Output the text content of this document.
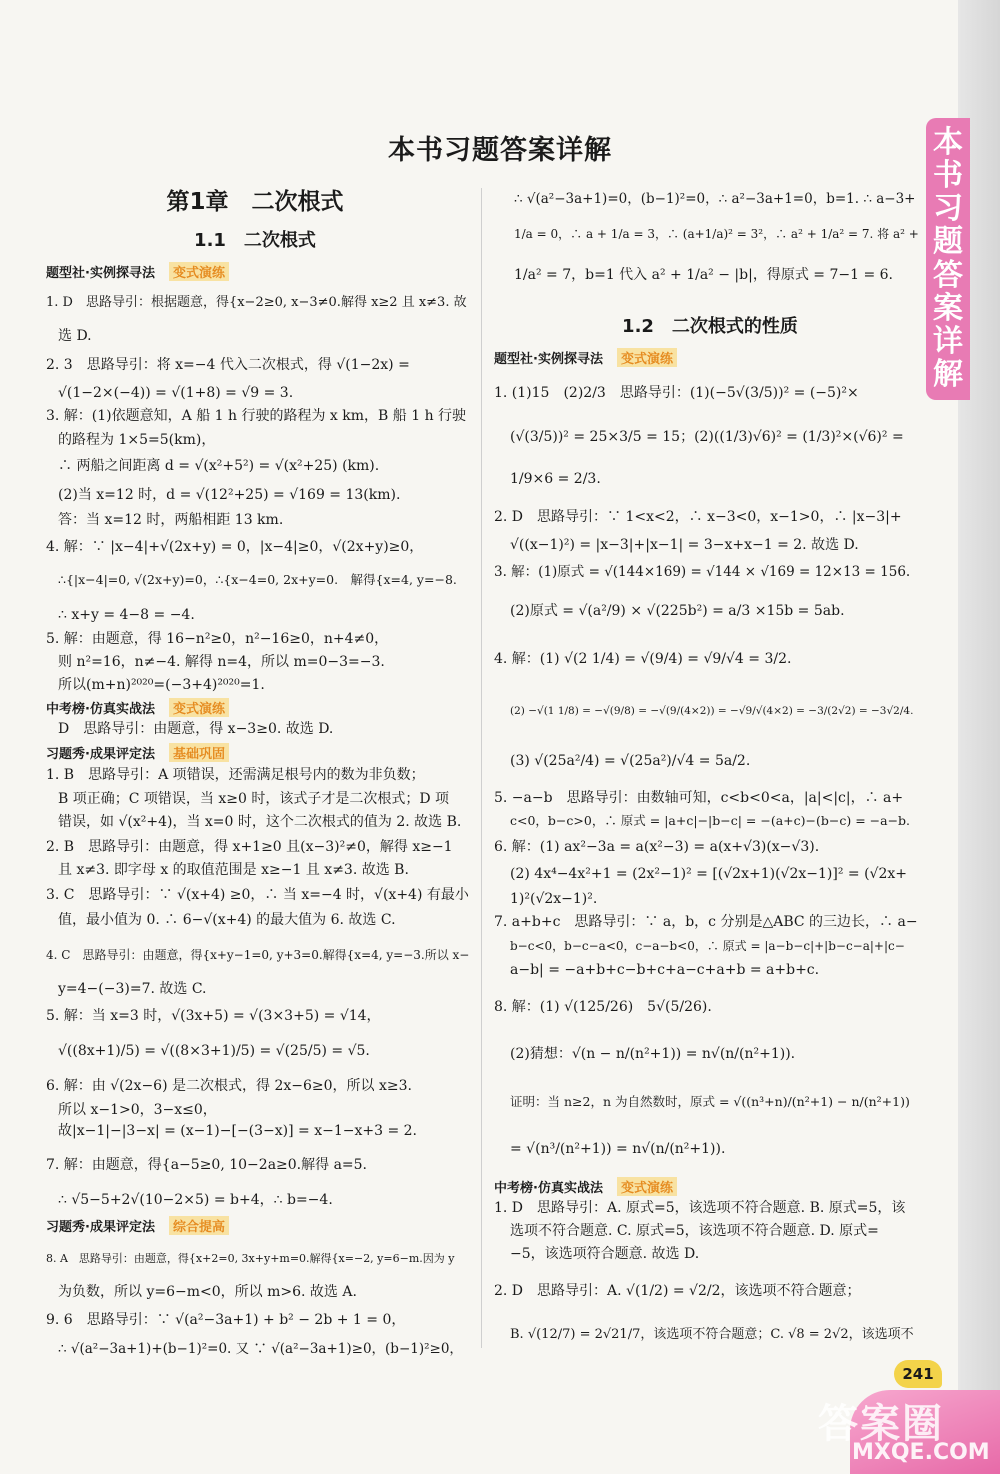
本
书
习
题
答
案
详
解
本书习题答案详解
第1章　二次根式
1.1　二次根式
题型社·实例探寻法 变式演练
1. D　思路导引：根据题意，得{x−2≥0, x−3≠0.解得 x≥2 且 x≠3. 故
选 D.
2. 3　思路导引：将 x=−4 代入二次根式，得 √(1−2x) =
√(1−2×(−4)) = √(1+8) = √9 = 3.
3. 解：(1)依题意知，A 船 1 h 行驶的路程为 x km，B 船 1 h 行驶
的路程为 1×5=5(km)，
∴ 两船之间距离 d = √(x²+5²) = √(x²+25) (km).
(2)当 x=12 时，d = √(12²+25) = √169 = 13(km).
答：当 x=12 时，两船相距 13 km.
4. 解：∵ |x−4|+√(2x+y) = 0，|x−4|≥0，√(2x+y)≥0，
∴{|x−4|=0, √(2x+y)=0，∴{x−4=0, 2x+y=0.　解得{x=4, y=−8.
∴ x+y = 4−8 = −4.
5. 解：由题意，得 16−n²≥0，n²−16≥0，n+4≠0，
则 n²=16，n≠−4. 解得 n=4，所以 m=0−3=−3.
所以(m+n)²⁰²⁰=(−3+4)²⁰²⁰=1.
中考榜·仿真实战法 变式演练
D　思路导引：由题意，得 x−3≥0. 故选 D.
习题秀·成果评定法 基础巩固
1. B　思路导引：A 项错误，还需满足根号内的数为非负数；
B 项正确；C 项错误，当 x≥0 时，该式子才是二次根式；D 项
错误，如 √(x²+4)，当 x=0 时，这个二次根式的值为 2. 故选 B.
2. B　思路导引：由题意，得 x+1≥0 且(x−3)²≠0，解得 x≥−1
且 x≠3. 即字母 x 的取值范围是 x≥−1 且 x≠3. 故选 B.
3. C　思路导引：∵ √(x+4) ≥0，∴ 当 x=−4 时，√(x+4) 有最小
值，最小值为 0. ∴ 6−√(x+4) 的最大值为 6. 故选 C.
4. C　思路导引：由题意，得{x+y−1=0, y+3=0.解得{x=4, y=−3.所以 x−
y=4−(−3)=7. 故选 C.
5. 解：当 x=3 时，√(3x+5) = √(3×3+5) = √14，
√((8x+1)/5) = √((8×3+1)/5) = √(25/5) = √5.
6. 解：由 √(2x−6) 是二次根式，得 2x−6≥0，所以 x≥3.
所以 x−1>0，3−x≤0，
故|x−1|−|3−x| = (x−1)−[−(3−x)] = x−1−x+3 = 2.
7. 解：由题意，得{a−5≥0, 10−2a≥0.解得 a=5.
∴ √5−5+2√(10−2×5) = b+4，∴ b=−4.
习题秀·成果评定法 综合提高
8. A　思路导引：由题意，得{x+2=0, 3x+y+m=0.解得{x=−2, y=6−m.因为 y
为负数，所以 y=6−m<0，所以 m>6. 故选 A.
9. 6　思路导引：∵ √(a²−3a+1) + b² − 2b + 1 = 0，
∴ √(a²−3a+1)+(b−1)²=0. 又 ∵ √(a²−3a+1)≥0，(b−1)²≥0，
∴ √(a²−3a+1)=0，(b−1)²=0，∴ a²−3a+1=0，b=1. ∴ a−3+
1/a = 0，∴ a + 1/a = 3，∴ (a+1/a)² = 3²，∴ a² + 1/a² = 7. 将 a² +
1/a² = 7，b=1 代入 a² + 1/a² − |b|，得原式 = 7−1 = 6.
1.2　二次根式的性质
题型社·实例探寻法 变式演练
1. (1)15　(2)2/3　思路导引：(1)(−5√(3/5))² = (−5)²×
(√(3/5))² = 25×3/5 = 15；(2)((1/3)√6)² = (1/3)²×(√6)² =
1/9×6 = 2/3.
2. D　思路导引：∵ 1<x<2，∴ x−3<0，x−1>0，∴ |x−3|+
√((x−1)²) = |x−3|+|x−1| = 3−x+x−1 = 2. 故选 D.
3. 解：(1)原式 = √(144×169) = √144 × √169 = 12×13 = 156.
(2)原式 = √(a²/9) × √(225b²) = a/3 ×15b = 5ab.
4. 解：(1) √(2 1/4) = √(9/4) = √9/√4 = 3/2.
(2) −√(1 1/8) = −√(9/8) = −√(9/(4×2)) = −√9/√(4×2) = −3/(2√2) = −3√2/4.
(3) √(25a²/4) = √(25a²)/√4 = 5a/2.
5. −a−b　思路导引：由数轴可知，c<b<0<a，|a|<|c|，∴ a+
c<0，b−c>0，∴ 原式 = |a+c|−|b−c| = −(a+c)−(b−c) = −a−b.
6. 解：(1) ax²−3a = a(x²−3) = a(x+√3)(x−√3).
(2) 4x⁴−4x²+1 = (2x²−1)² = [(√2x+1)(√2x−1)]² = (√2x+
1)²(√2x−1)².
7. a+b+c　思路导引：∵ a，b，c 分别是△ABC 的三边长，∴ a−
b−c<0，b−c−a<0，c−a−b<0，∴ 原式 = |a−b−c|+|b−c−a|+|c−
a−b| = −a+b+c−b+c+a−c+a+b = a+b+c.
8. 解：(1) √(125/26)　5√(5/26).
(2)猜想：√(n − n/(n²+1)) = n√(n/(n²+1)).
证明：当 n≥2，n 为自然数时，原式 = √((n³+n)/(n²+1) − n/(n²+1))
= √(n³/(n²+1)) = n√(n/(n²+1)).
中考榜·仿真实战法 变式演练
1. D　思路导引：A. 原式=5，该选项不符合题意. B. 原式=5，该
选项不符合题意. C. 原式=5，该选项不符合题意. D. 原式=
−5，该选项符合题意. 故选 D.
2. D　思路导引：A. √(1/2) = √2/2，该选项不符合题意；
B. √(12/7) = 2√21/7，该选项不符合题意；C. √8 = 2√2，该选项不
241
答案圈
MXQE.COM
